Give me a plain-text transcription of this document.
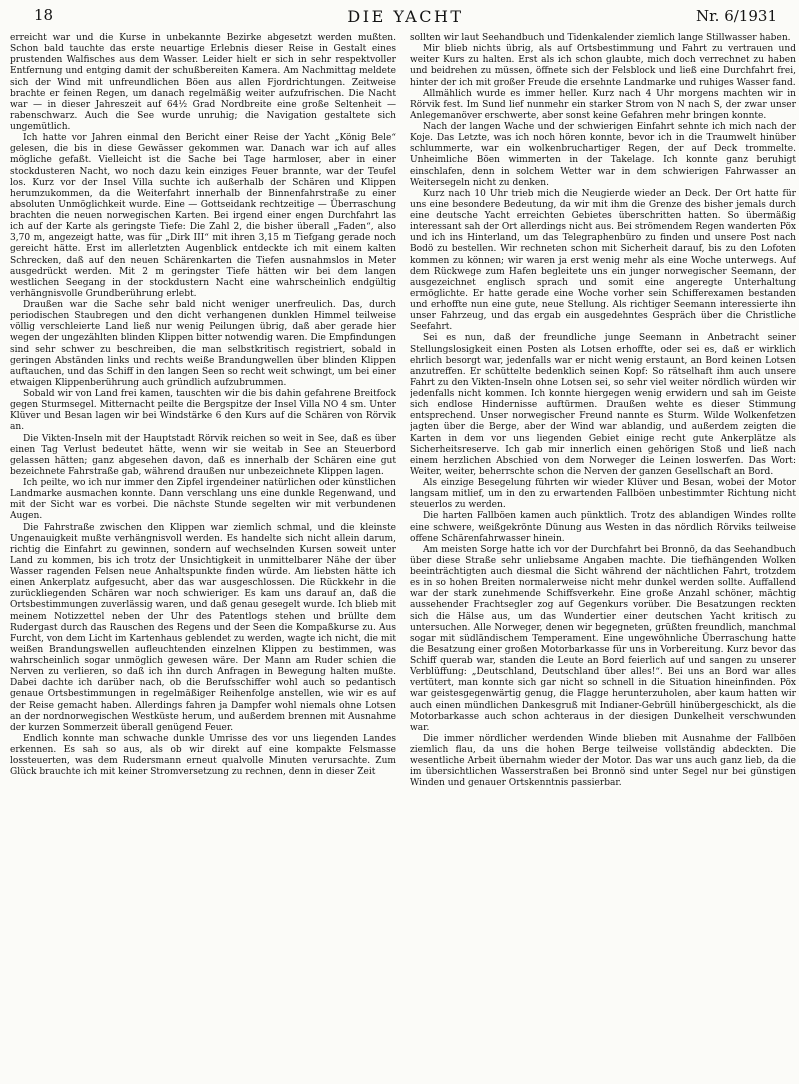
18	DIE YACHT	Nr. 6/1931

erreicht war und die Kurse in unbekannte Bezirke abgesetzt werden mußten. Schon bald tauchte das erste neuartige Erlebnis dieser Reise in Gestalt eines prustenden Walfisches aus dem Wasser. Leider hielt er sich in sehr respektvoller Entfernung und entging damit der schußbereiten Kamera. Am Nachmittag meldete sich der Wind mit unfreundlichen Böen aus allen Fjordrichtungen. Zeitweise brachte er feinen Regen, um danach regelmäßig weiter aufzufrischen. Die Nacht war — in dieser Jahreszeit auf 64½ Grad Nordbreite eine große Seltenheit — rabenschwarz. Auch die See wurde unruhig; die Navigation gestaltete sich ungemütlich.

Ich hatte vor Jahren einmal den Bericht einer Reise der Yacht „König Bele“ gelesen, die bis in diese Gewässer gekommen war. Danach war ich auf alles mögliche gefaßt. Vielleicht ist die Sache bei Tage harmloser, aber in einer stockdusteren Nacht, wo noch dazu kein einziges Feuer brannte, war der Teufel los. Kurz vor der Insel Villa suchte ich außerhalb der Schären und Klippen herumzukommen, da die Weiterfahrt innerhalb der Binnenfahrstraße zu einer absoluten Unmöglichkeit wurde. Eine — Gottseidank rechtzeitige — Überraschung brachten die neuen norwegischen Karten. Bei irgend einer engen Durchfahrt las ich auf der Karte als geringste Tiefe: Die Zahl 2, die bisher überall „Faden“, also 3,70 m, angezeigt hatte, was für „Dirk III“ mit ihren 3,15 m Tiefgang gerade noch gereicht hätte. Erst im allerletzten Augenblick entdeckte ich mit einem kalten Schrecken, daß auf den neuen Schärenkarten die Tiefen ausnahmslos in Meter ausgedrückt werden. Mit 2 m geringster Tiefe hätten wir bei dem langen westlichen Seegang in der stockdustern Nacht eine wahrscheinlich endgültig verhängnisvolle Grundberührung erlebt.

Draußen war die Sache sehr bald nicht weniger unerfreulich. Das, durch periodischen Staubregen und den dicht verhangenen dunklen Himmel teilweise völlig verschleierte Land ließ nur wenig Peilungen übrig, daß aber gerade hier wegen der ungezählten blinden Klippen bitter notwendig waren. Die Empfindungen sind sehr schwer zu beschreiben, die man selbstkritisch registriert, sobald in geringen Abständen links und rechts weiße Brandungwellen über blinden Klippen auftauchen, und das Schiff in den langen Seen so recht weit schwingt, um bei einer etwaigen Klippenberührung auch gründlich aufzubrummen.

Sobald wir von Land frei kamen, tauschten wir die bis dahin gefahrene Breitfock gegen Sturmsegel. Mitternacht peilte die Bergspitze der Insel Villa NO 4 sm. Unter Klüver und Besan lagen wir bei Windstärke 6 den Kurs auf die Schären von Rörvik an.

Die Vikten-Inseln mit der Hauptstadt Rörvik reichen so weit in See, daß es über einen Tag Verlust bedeutet hätte, wenn wir sie weitab in See an Steuerbord gelassen hätten; ganz abgesehen davon, daß es innerhalb der Schären eine gut bezeichnete Fahrstraße gab, während draußen nur unbezeichnete Klippen lagen.

Ich peilte, wo ich nur immer den Zipfel irgendeiner natürlichen oder künstlichen Landmarke ausmachen konnte. Dann verschlang uns eine dunkle Regenwand, und mit der Sicht war es vorbei. Die nächste Stunde segelten wir mit verbundenen Augen.

Die Fahrstraße zwischen den Klippen war ziemlich schmal, und die kleinste Ungenauigkeit mußte verhängnisvoll werden. Es handelte sich nicht allein darum, richtig die Einfahrt zu gewinnen, sondern auf wechselnden Kursen soweit unter Land zu kommen, bis ich trotz der Unsichtigkeit in unmittelbarer Nähe der über Wasser ragenden Felsen neue Anhaltspunkte finden würde. Am liebsten hätte ich einen Ankerplatz aufgesucht, aber das war ausgeschlossen. Die Rückkehr in die zurückliegenden Schären war noch schwieriger. Es kam uns darauf an, daß die Ortsbestimmungen zuverlässig waren, und daß genau gesegelt wurde. Ich blieb mit meinem Notizzettel neben der Uhr des Patentlogs stehen und brüllte dem Rudergast durch das Rauschen des Regens und der Seen die Kompaßkurse zu. Aus Furcht, von dem Licht im Kartenhaus geblendet zu werden, wagte ich nicht, die mit weißen Brandungswellen aufleuchtenden einzelnen Klippen zu bestimmen, was wahrscheinlich sogar unmöglich gewesen wäre. Der Mann am Ruder schien die Nerven zu verlieren, so daß ich ihn durch Anfragen in Bewegung halten mußte. Dabei dachte ich darüber nach, ob die Berufsschiffer wohl auch so pedantisch genaue Ortsbestimmungen in regelmäßiger Reihenfolge anstellen, wie wir es auf der Reise gemacht haben. Allerdings fahren ja Dampfer wohl niemals ohne Lotsen an der nordnorwegischen Westküste herum, und außerdem brennen mit Ausnahme der kurzen Sommerzeit überall genügend Feuer.

Endlich konnte man schwache dunkle Umrisse des vor uns liegenden Landes erkennen. Es sah so aus, als ob wir direkt auf eine kompakte Felsmasse lossteuerten, was dem Rudersmann erneut qualvolle Minuten verursachte. Zum Glück brauchte ich mit keiner Stromversetzung zu rechnen, denn in dieser Zeit

sollten wir laut Seehandbuch und Tidenkalender ziemlich lange Stillwasser haben.

Mir blieb nichts übrig, als auf Ortsbestimmung und Fahrt zu vertrauen und weiter Kurs zu halten. Erst als ich schon glaubte, mich doch verrechnet zu haben und beidrehen zu müssen, öffnete sich der Felsblock und ließ eine Durchfahrt frei, hinter der ich mit großer Freude die ersehnte Landmarke und ruhiges Wasser fand.

Allmählich wurde es immer heller. Kurz nach 4 Uhr morgens machten wir in Rörvik fest. Im Sund lief nunmehr ein starker Strom von N nach S, der zwar unser Anlegemanöver erschwerte, aber sonst keine Gefahren mehr bringen konnte.

Nach der langen Wache und der schwierigen Einfahrt sehnte ich mich nach der Koje. Das Letzte, was ich noch hören konnte, bevor ich in die Traumwelt hinüber schlummerte, war ein wolkenbruchartiger Regen, der auf Deck trommelte. Unheimliche Böen wimmerten in der Takelage. Ich konnte ganz beruhigt einschlafen, denn in solchem Wetter war in dem schwierigen Fahrwasser an Weitersegeln nicht zu denken.

Kurz nach 10 Uhr trieb mich die Neugierde wieder an Deck. Der Ort hatte für uns eine besondere Bedeutung, da wir mit ihm die Grenze des bisher jemals durch eine deutsche Yacht erreichten Gebietes überschritten hatten. So übermäßig interessant sah der Ort allerdings nicht aus. Bei strömendem Regen wanderten Pöx und ich ins Hinterland, um das Telegraphenbüro zu finden und unsere Post nach Bodö zu bestellen. Wir rechneten schon mit Sicherheit darauf, bis zu den Lofoten kommen zu können; wir waren ja erst wenig mehr als eine Woche unterwegs. Auf dem Rückwege zum Hafen begleitete uns ein junger norwegischer Seemann, der ausgezeichnet englisch sprach und somit eine angeregte Unterhaltung ermöglichte. Er hatte gerade eine Woche vorher sein Schifferexamen bestanden und erhoffte nun eine gute, neue Stellung. Als richtiger Seemann interessierte ihn unser Fahrzeug, und das ergab ein ausgedehntes Gespräch über die Christliche Seefahrt.

Sei es nun, daß der freundliche junge Seemann in Anbetracht seiner Stellungslosigkeit einen Posten als Lotsen erhoffte, oder sei es, daß er wirklich ehrlich besorgt war, jedenfalls war er nicht wenig erstaunt, an Bord keinen Lotsen anzutreffen. Er schüttelte bedenklich seinen Kopf: So rätselhaft ihm auch unsere Fahrt zu den Vikten-Inseln ohne Lotsen sei, so sehr viel weiter nördlich würden wir jedenfalls nicht kommen. Ich konnte hiergegen wenig erwidern und sah im Geiste sich endlose Hindernisse auftürmen. Draußen wehte es dieser Stimmung entsprechend. Unser norwegischer Freund nannte es Sturm. Wilde Wolkenfetzen jagten über die Berge, aber der Wind war ablandig, und außerdem zeigten die Karten in dem vor uns liegenden Gebiet einige recht gute Ankerplätze als Sicherheitsreserve. Ich gab mir innerlich einen gehörigen Stoß und ließ nach einem herzlichen Abschied von dem Norweger die Leinen loswerfen. Das Wort: Weiter, weiter, beherrschte schon die Nerven der ganzen Gesellschaft an Bord.

Als einzige Besegelung führten wir wieder Klüver und Besan, wobei der Motor langsam mitlief, um in den zu erwartenden Fallböen unbestimmter Richtung nicht steuerlos zu werden.

Die harten Fallböen kamen auch pünktlich. Trotz des ablandigen Windes rollte eine schwere, weißgekrönte Dünung aus Westen in das nördlich Rörviks teilweise offene Schärenfahrwasser hinein.

Am meisten Sorge hatte ich vor der Durchfahrt bei Bronnö, da das Seehandbuch über diese Straße sehr unliebsame Angaben machte. Die tiefhängenden Wolken beeinträchtigten auch diesmal die Sicht während der nächtlichen Fahrt, trotzdem es in so hohen Breiten normalerweise nicht mehr dunkel werden sollte. Auffallend war der stark zunehmende Schiffsverkehr. Eine große Anzahl schöner, mächtig aussehender Frachtsegler zog auf Gegenkurs vorüber. Die Besatzungen reckten sich die Hälse aus, um das Wundertier einer deutschen Yacht kritisch zu untersuchen. Alle Norweger, denen wir begegneten, grüßten freundlich, manchmal sogar mit südländischem Temperament. Eine ungewöhnliche Überraschung hatte die Besatzung einer großen Motorbarkasse für uns in Vorbereitung. Kurz bevor das Schiff querab war, standen die Leute an Bord feierlich auf und sangen zu unserer Verblüffung: „Deutschland, Deutschland über alles!“. Bei uns an Bord war alles vertütert, man konnte sich gar nicht so schnell in die Situation hineinfinden. Pöx war geistesgegenwärtig genug, die Flagge herunterzuholen, aber kaum hatten wir auch einen mündlichen Dankesgruß mit Indianer-Gebrüll hinübergeschickt, als die Motorbarkasse auch schon achteraus in der diesigen Dunkelheit verschwunden war.

Die immer nördlicher werdenden Winde blieben mit Ausnahme der Fallböen ziemlich flau, da uns die hohen Berge teilweise vollständig abdeckten. Die wesentliche Arbeit übernahm wieder der Motor. Das war uns auch ganz lieb, da die im übersichtlichen Wasserstraßen bei Bronnö sind unter Segel nur bei günstigen Winden und genauer Ortskenntnis passierbar.
